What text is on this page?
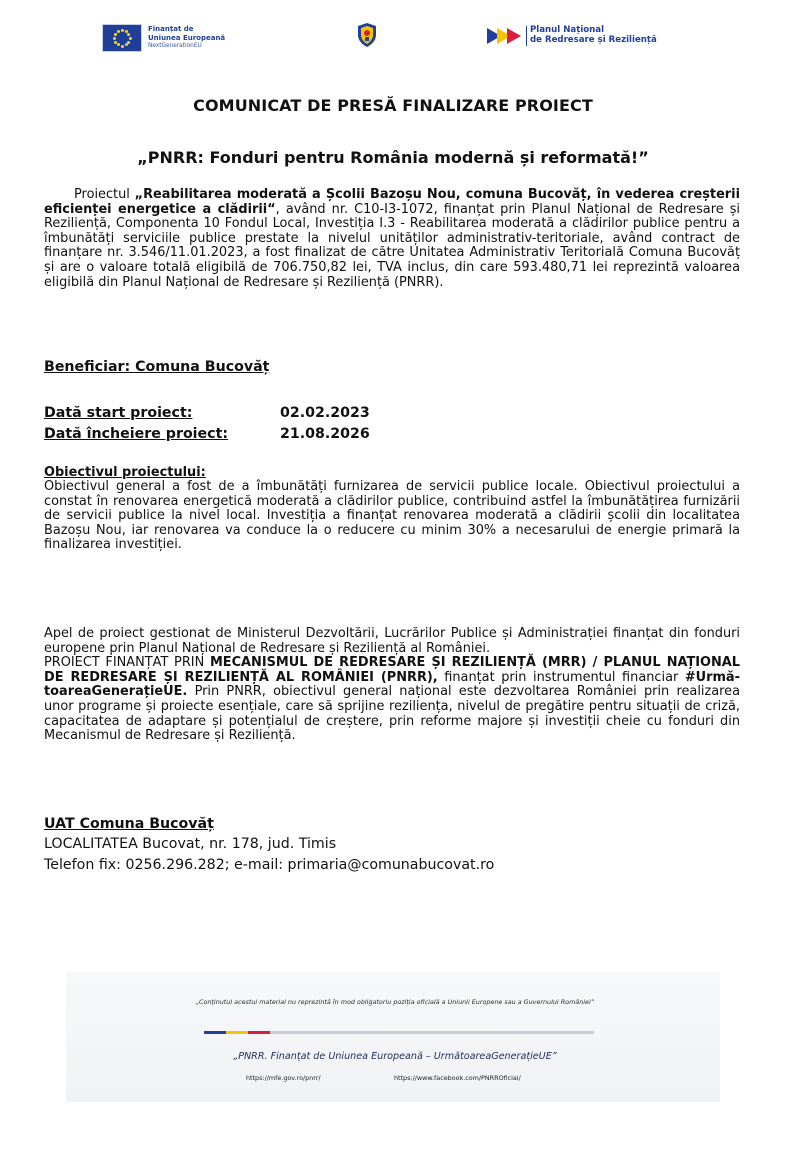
Finanțat de
Uniunea Europeană
NextGenerationEU
Planul Național
de Redresare și Reziliență
COMUNICAT DE PRESĂ FINALIZARE PROIECT
„PNRR: Fonduri pentru România modernă și reformată!”
Proiectul „Reabilitarea moderată a Școlii Bazoșu Nou, comuna Bucovăț, în vederea creșterii eficienței energetice a clădirii“, având nr. C10-I3-1072, finanțat prin Planul Național de Redresare și Reziliență, Componenta 10 Fondul Local, Investiția I.3 - Reabilitarea moderată a clădirilor publice pentru a îmbunătăți serviciile publice prestate la nivelul unităților administrativ-teritoriale, având contract de finanțare nr. 3.546/11.01.2023, a fost finalizat de către Unitatea Administrativ Teritorială Comuna Bucovăț și are o valoare totală eligibilă de 706.750,82 lei, TVA inclus, din care 593.480,71 lei reprezintă valoarea eligibilă din Planul Național de Redresare și Reziliență (PNRR).
Beneficiar: Comuna Bucovăț
Dată start proiect:	02.02.2023
Dată încheiere proiect:	21.08.2026
Obiectivul proiectului:
Obiectivul general a fost de a îmbunătăți furnizarea de servicii publice locale. Obiectivul proiectului a constat în renovarea energetică moderată a clădirilor publice, contribuind astfel la îmbunătățirea furnizării de servicii publice la nivel local. Investiția a finanțat renovarea moderată a clădirii școlii din localitatea Bazoșu Nou, iar renovarea va conduce la o reducere cu minim 30% a necesarului de energie primară la finalizarea investiției.
Apel de proiect gestionat de Ministerul Dezvoltării, Lucrărilor Publice și Administrației finanțat din fonduri europene prin Planul Național de Redresare și Reziliență al României.
PROIECT FINANȚAT PRIN MECANISMUL DE REDRESARE ȘI REZILIENȚĂ (MRR) / PLANUL NAȚIONAL DE REDRESARE ȘI REZILIENȚĂ AL ROMÂNIEI (PNRR), finanțat prin instrumentul financiar #UrmătoareaGenerațieUE. Prin PNRR, obiectivul general național este dezvoltarea României prin realizarea unor programe și proiecte esențiale, care să sprijine reziliența, nivelul de pregătire pentru situații de criză, capacitatea de adaptare și potențialul de creștere, prin reforme majore și investiții cheie cu fonduri din Mecanismul de Redresare și Reziliență.
UAT Comuna Bucovăț
LOCALITATEA Bucovat, nr. 178, jud. Timis
Telefon fix: 0256.296.282; e-mail: primaria@comunabucovat.ro
„Conținutul acestui material nu reprezintă în mod obligatoriu poziția oficială a Uniunii Europene sau a Guvernului României”
„PNRR. Finanțat de Uniunea Europeană – UrmătoareaGenerațieUE”
https://mfe.gov.ro/pnrr/	https://www.facebook.com/PNRROficial/
